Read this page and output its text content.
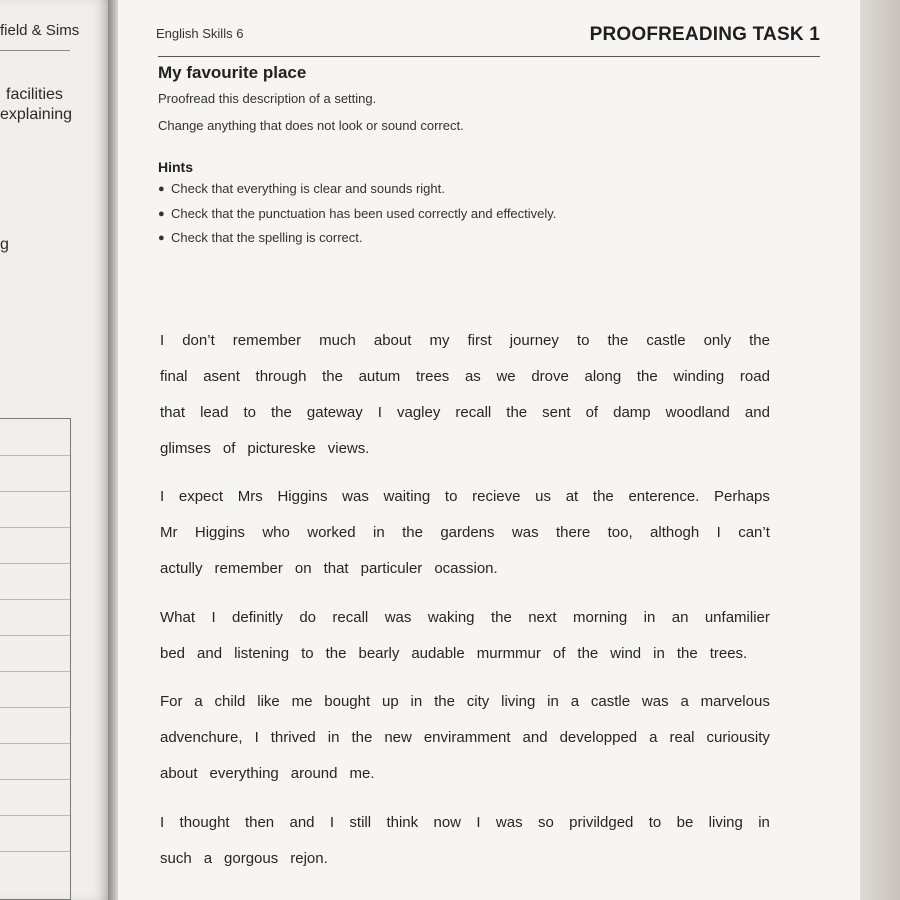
field & Sims
facilities
explaining
g
English Skills 6	PROOFREADING TASK 1
My favourite place
Proofread this description of a setting.
Change anything that does not look or sound correct.
Hints
● Check that everything is clear and sounds right.
● Check that the punctuation has been used correctly and effectively.
● Check that the spelling is correct.
I don’t remember much about my first journey to the castle only the
final asent through the autum trees as we drove along the winding road
that lead to the gateway I vagley recall the sent of damp woodland and
glimses of pictureske views.
I expect Mrs Higgins was waiting to recieve us at the enterence. Perhaps
Mr Higgins who worked in the gardens was there too, althogh I can’t
actully remember on that particuler ocassion.
What I definitly do recall was waking the next morning in an unfamilier
bed and listening to the bearly audable murmmur of the wind in the trees.
For a child like me bought up in the city living in a castle was a marvelous
advenchure, I thrived in the new enviramment and developped a real curiousity
about everything around me.
I thought then and I still think now I was so privildged to be living in
such a gorgous rejon.
